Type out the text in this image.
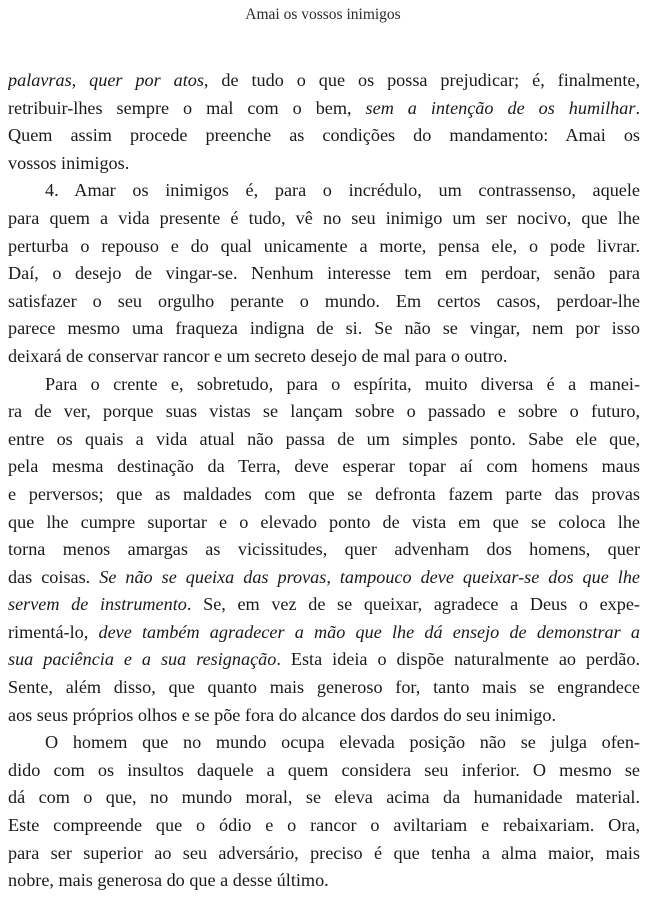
Amai os vossos inimigos
palavras, quer por atos, de tudo o que os possa prejudicar; é, finalmente,
retribuir-lhes sempre o mal com o bem, sem a intenção de os humilhar.
Quem assim procede preenche as condições do mandamento: Amai os
vossos inimigos.
4. Amar os inimigos é, para o incrédulo, um contrassenso, aquele
para quem a vida presente é tudo, vê no seu inimigo um ser nocivo, que lhe
perturba o repouso e do qual unicamente a morte, pensa ele, o pode livrar.
Daí, o desejo de vingar-se. Nenhum interesse tem em perdoar, senão para
satisfazer o seu orgulho perante o mundo. Em certos casos, perdoar-lhe
parece mesmo uma fraqueza indigna de si. Se não se vingar, nem por isso
deixará de conservar rancor e um secreto desejo de mal para o outro.
Para o crente e, sobretudo, para o espírita, muito diversa é a manei-
ra de ver, porque suas vistas se lançam sobre o passado e sobre o futuro,
entre os quais a vida atual não passa de um simples ponto. Sabe ele que,
pela mesma destinação da Terra, deve esperar topar aí com homens maus
e perversos; que as maldades com que se defronta fazem parte das provas
que lhe cumpre suportar e o elevado ponto de vista em que se coloca lhe
torna menos amargas as vicissitudes, quer advenham dos homens, quer
das coisas. Se não se queixa das provas, tampouco deve queixar-se dos que lhe
servem de instrumento. Se, em vez de se queixar, agradece a Deus o expe-
rimentá-lo, deve também agradecer a mão que lhe dá ensejo de demonstrar a
sua paciência e a sua resignação. Esta ideia o dispõe naturalmente ao perdão.
Sente, além disso, que quanto mais generoso for, tanto mais se engrandece
aos seus próprios olhos e se põe fora do alcance dos dardos do seu inimigo.
O homem que no mundo ocupa elevada posição não se julga ofen-
dido com os insultos daquele a quem considera seu inferior. O mesmo se
dá com o que, no mundo moral, se eleva acima da humanidade material.
Este compreende que o ódio e o rancor o aviltariam e rebaixariam. Ora,
para ser superior ao seu adversário, preciso é que tenha a alma maior, mais
nobre, mais generosa do que a desse último.
